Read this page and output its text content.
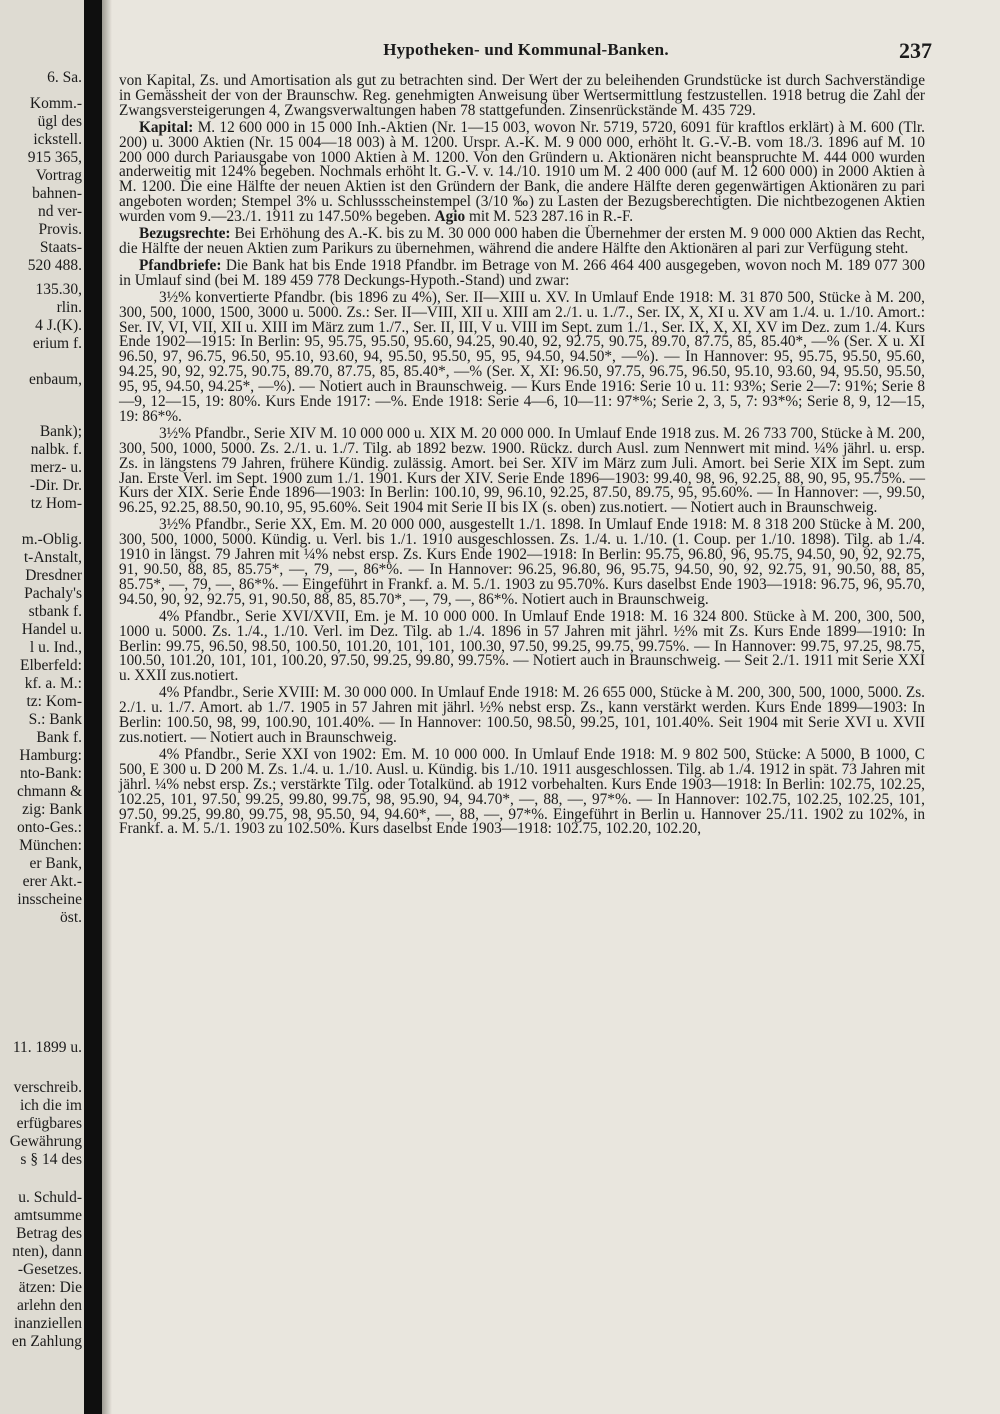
6. Sa.
Komm.-
ügl des
ickstell.
915 365,
Vortrag
bahnen-
nd ver-
Provis.
Staats-
520 488.
135.30,
rlin.
4 J.(K).
erium f.
enbaum,
Bank);
nalbk. f.
merz- u.
-Dir. Dr.
tz Hom-
m.-Oblig.
t-Anstalt,
Dresdner
Pachaly's
stbank f.
Handel u.
l u. Ind.,
Elberfeld:
kf. a. M.:
tz: Kom-
S.: Bank
Bank f.
Hamburg:
nto-Bank:
chmann &
zig: Bank
onto-Ges.:
München:
er Bank,
erer Akt.-
insscheine
öst.
11. 1899 u.
verschreib.
ich die im
erfügbares
Gewährung
s § 14 des
u. Schuld-
amtsumme
Betrag des
nten), dann
-Gesetzes.
ätzen: Die
arlehn den
inanziellen
en Zahlung
Hypotheken- und Kommunal-Banken.	237

von Kapital, Zs. und Amortisation als gut zu betrachten sind. Der Wert der zu beleihenden Grundstücke ist durch Sachverständige in Gemässheit der von der Braunschw. Reg. genehmigten Anweisung über Wertsermittlung festzustellen. 1918 betrug die Zahl der Zwangsversteigerungen 4, Zwangsverwaltungen haben 78 stattgefunden. Zinsenrückstände M. 435 729.

Kapital: M. 12 600 000 in 15 000 Inh.-Aktien (Nr. 1—15 003, wovon Nr. 5719, 5720, 6091 für kraftlos erklärt) à M. 600 (Tlr. 200) u. 3000 Aktien (Nr. 15 004—18 003) à M. 1200. Urspr. A.-K. M. 9 000 000, erhöht lt. G.-V.-B. vom 18./3. 1896 auf M. 10 200 000 durch Pariausgabe von 1000 Aktien à M. 1200. Von den Gründern u. Aktionären nicht beanspruchte M. 444 000 wurden anderweitig mit 124% begeben. Nochmals erhöht lt. G.-V. v. 14./10. 1910 um M. 2 400 000 (auf M. 12 600 000) in 2000 Aktien à M. 1200. Die eine Hälfte der neuen Aktien ist den Gründern der Bank, die andere Hälfte deren gegenwärtigen Aktionären zu pari angeboten worden; Stempel 3% u. Schlussscheinstempel (3/10 ‰) zu Lasten der Bezugsberechtigten. Die nichtbezogenen Aktien wurden vom 9.—23./1. 1911 zu 147.50% begeben. Agio mit M. 523 287.16 in R.-F.

Bezugsrechte: Bei Erhöhung des A.-K. bis zu M. 30 000 000 haben die Übernehmer der ersten M. 9 000 000 Aktien das Recht, die Hälfte der neuen Aktien zum Parikurs zu übernehmen, während die andere Hälfte den Aktionären al pari zur Verfügung steht.

Pfandbriefe: Die Bank hat bis Ende 1918 Pfandbr. im Betrage von M. 266 464 400 ausgegeben, wovon noch M. 189 077 300 in Umlauf sind (bei M. 189 459 778 Deckungs-Hypoth.-Stand) und zwar:

3½% konvertierte Pfandbr. (bis 1896 zu 4%), Ser. II—XIII u. XV. In Umlauf Ende 1918: M. 31 870 500, Stücke à M. 200, 300, 500, 1000, 1500, 3000 u. 5000. Zs.: Ser. II—VIII, XII u. XIII am 2./1. u. 1./7., Ser. IX, X, XI u. XV am 1./4. u. 1./10. Amort.: Ser. IV, VI, VII, XII u. XIII im März zum 1./7., Ser. II, III, V u. VIII im Sept. zum 1./1., Ser. IX, X, XI, XV im Dez. zum 1./4. Kurs Ende 1902—1915: In Berlin: 95, 95.75, 95.50, 95.60, 94.25, 90.40, 92, 92.75, 90.75, 89.70, 87.75, 85, 85.40*, —% (Ser. X u. XI 96.50, 97, 96.75, 96.50, 95.10, 93.60, 94, 95.50, 95.50, 95, 95, 94.50, 94.50*, —%). — In Hannover: 95, 95.75, 95.50, 95.60, 94.25, 90, 92, 92.75, 90.75, 89.70, 87.75, 85, 85.40*, —% (Ser. X, XI: 96.50, 97.75, 96.75, 96.50, 95.10, 93.60, 94, 95.50, 95.50, 95, 95, 94.50, 94.25*, —%). — Notiert auch in Braunschweig. — Kurs Ende 1916: Serie 10 u. 11: 93%; Serie 2—7: 91%; Serie 8—9, 12—15, 19: 80%. Kurs Ende 1917: —%. Ende 1918: Serie 4—6, 10—11: 97*%; Serie 2, 3, 5, 7: 93*%; Serie 8, 9, 12—15, 19: 86*%.

3½% Pfandbr., Serie XIV M. 10 000 000 u. XIX M. 20 000 000. In Umlauf Ende 1918 zus. M. 26 733 700, Stücke à M. 200, 300, 500, 1000, 5000. Zs. 2./1. u. 1./7. Tilg. ab 1892 bezw. 1900. Rückz. durch Ausl. zum Nennwert mit mind. ¼% jährl. u. ersp. Zs. in längstens 79 Jahren, frühere Kündig. zulässig. Amort. bei Ser. XIV im März zum Juli. Amort. bei Serie XIX im Sept. zum Jan. Erste Verl. im Sept. 1900 zum 1./1. 1901. Kurs der XIV. Serie Ende 1896—1903: 99.40, 98, 96, 92.25, 88, 90, 95, 95.75%. — Kurs der XIX. Serie Ende 1896—1903: In Berlin: 100.10, 99, 96.10, 92.25, 87.50, 89.75, 95, 95.60%. — In Hannover: —, 99.50, 96.25, 92.25, 88.50, 90.10, 95, 95.60%. Seit 1904 mit Serie II bis IX (s. oben) zus.notiert. — Notiert auch in Braunschweig.

3½% Pfandbr., Serie XX, Em. M. 20 000 000, ausgestellt 1./1. 1898. In Umlauf Ende 1918: M. 8 318 200 Stücke à M. 200, 300, 500, 1000, 5000. Kündig. u. Verl. bis 1./1. 1910 ausgeschlossen. Zs. 1./4. u. 1./10. (1. Coup. per 1./10. 1898). Tilg. ab 1./4. 1910 in längst. 79 Jahren mit ¼% nebst ersp. Zs. Kurs Ende 1902—1918: In Berlin: 95.75, 96.80, 96, 95.75, 94.50, 90, 92, 92.75, 91, 90.50, 88, 85, 85.75*, —, 79, —, 86*%. — In Hannover: 96.25, 96.80, 96, 95.75, 94.50, 90, 92, 92.75, 91, 90.50, 88, 85, 85.75*, —, 79, —, 86*%. — Eingeführt in Frankf. a. M. 5./1. 1903 zu 95.70%. Kurs daselbst Ende 1903—1918: 96.75, 96, 95.70, 94.50, 90, 92, 92.75, 91, 90.50, 88, 85, 85.70*, —, 79, —, 86*%. Notiert auch in Braunschweig.

4% Pfandbr., Serie XVI/XVII, Em. je M. 10 000 000. In Umlauf Ende 1918: M. 16 324 800. Stücke à M. 200, 300, 500, 1000 u. 5000. Zs. 1./4., 1./10. Verl. im Dez. Tilg. ab 1./4. 1896 in 57 Jahren mit jährl. ½% mit Zs. Kurs Ende 1899—1910: In Berlin: 99.75, 96.50, 98.50, 100.50, 101.20, 101, 101, 100.30, 97.50, 99.25, 99.75, 99.75%. — In Hannover: 99.75, 97.25, 98.75, 100.50, 101.20, 101, 101, 100.20, 97.50, 99.25, 99.80, 99.75%. — Notiert auch in Braunschweig. — Seit 2./1. 1911 mit Serie XXI u. XXII zus.notiert.

4% Pfandbr., Serie XVIII: M. 30 000 000. In Umlauf Ende 1918: M. 26 655 000, Stücke à M. 200, 300, 500, 1000, 5000. Zs. 2./1. u. 1./7. Amort. ab 1./7. 1905 in 57 Jahren mit jährl. ½% nebst ersp. Zs., kann verstärkt werden. Kurs Ende 1899—1903: In Berlin: 100.50, 98, 99, 100.90, 101.40%. — In Hannover: 100.50, 98.50, 99.25, 101, 101.40%. Seit 1904 mit Serie XVI u. XVII zus.notiert. — Notiert auch in Braunschweig.

4% Pfandbr., Serie XXI von 1902: Em. M. 10 000 000. In Umlauf Ende 1918: M. 9 802 500, Stücke: A 5000, B 1000, C 500, E 300 u. D 200 M. Zs. 1./4. u. 1./10. Ausl. u. Kündig. bis 1./10. 1911 ausgeschlossen. Tilg. ab 1./4. 1912 in spät. 73 Jahren mit jährl. ¼% nebst ersp. Zs.; verstärkte Tilg. oder Totalkünd. ab 1912 vorbehalten. Kurs Ende 1903—1918: In Berlin: 102.75, 102.25, 102.25, 101, 97.50, 99.25, 99.80, 99.75, 98, 95.90, 94, 94.70*, —, 88, —, 97*%. — In Hannover: 102.75, 102.25, 102.25, 101, 97.50, 99.25, 99.80, 99.75, 98, 95.50, 94, 94.60*, —, 88, —, 97*%. Eingeführt in Berlin u. Hannover 25./11. 1902 zu 102%, in Frankf. a. M. 5./1. 1903 zu 102.50%. Kurs daselbst Ende 1903—1918: 102.75, 102.20, 102.20,
